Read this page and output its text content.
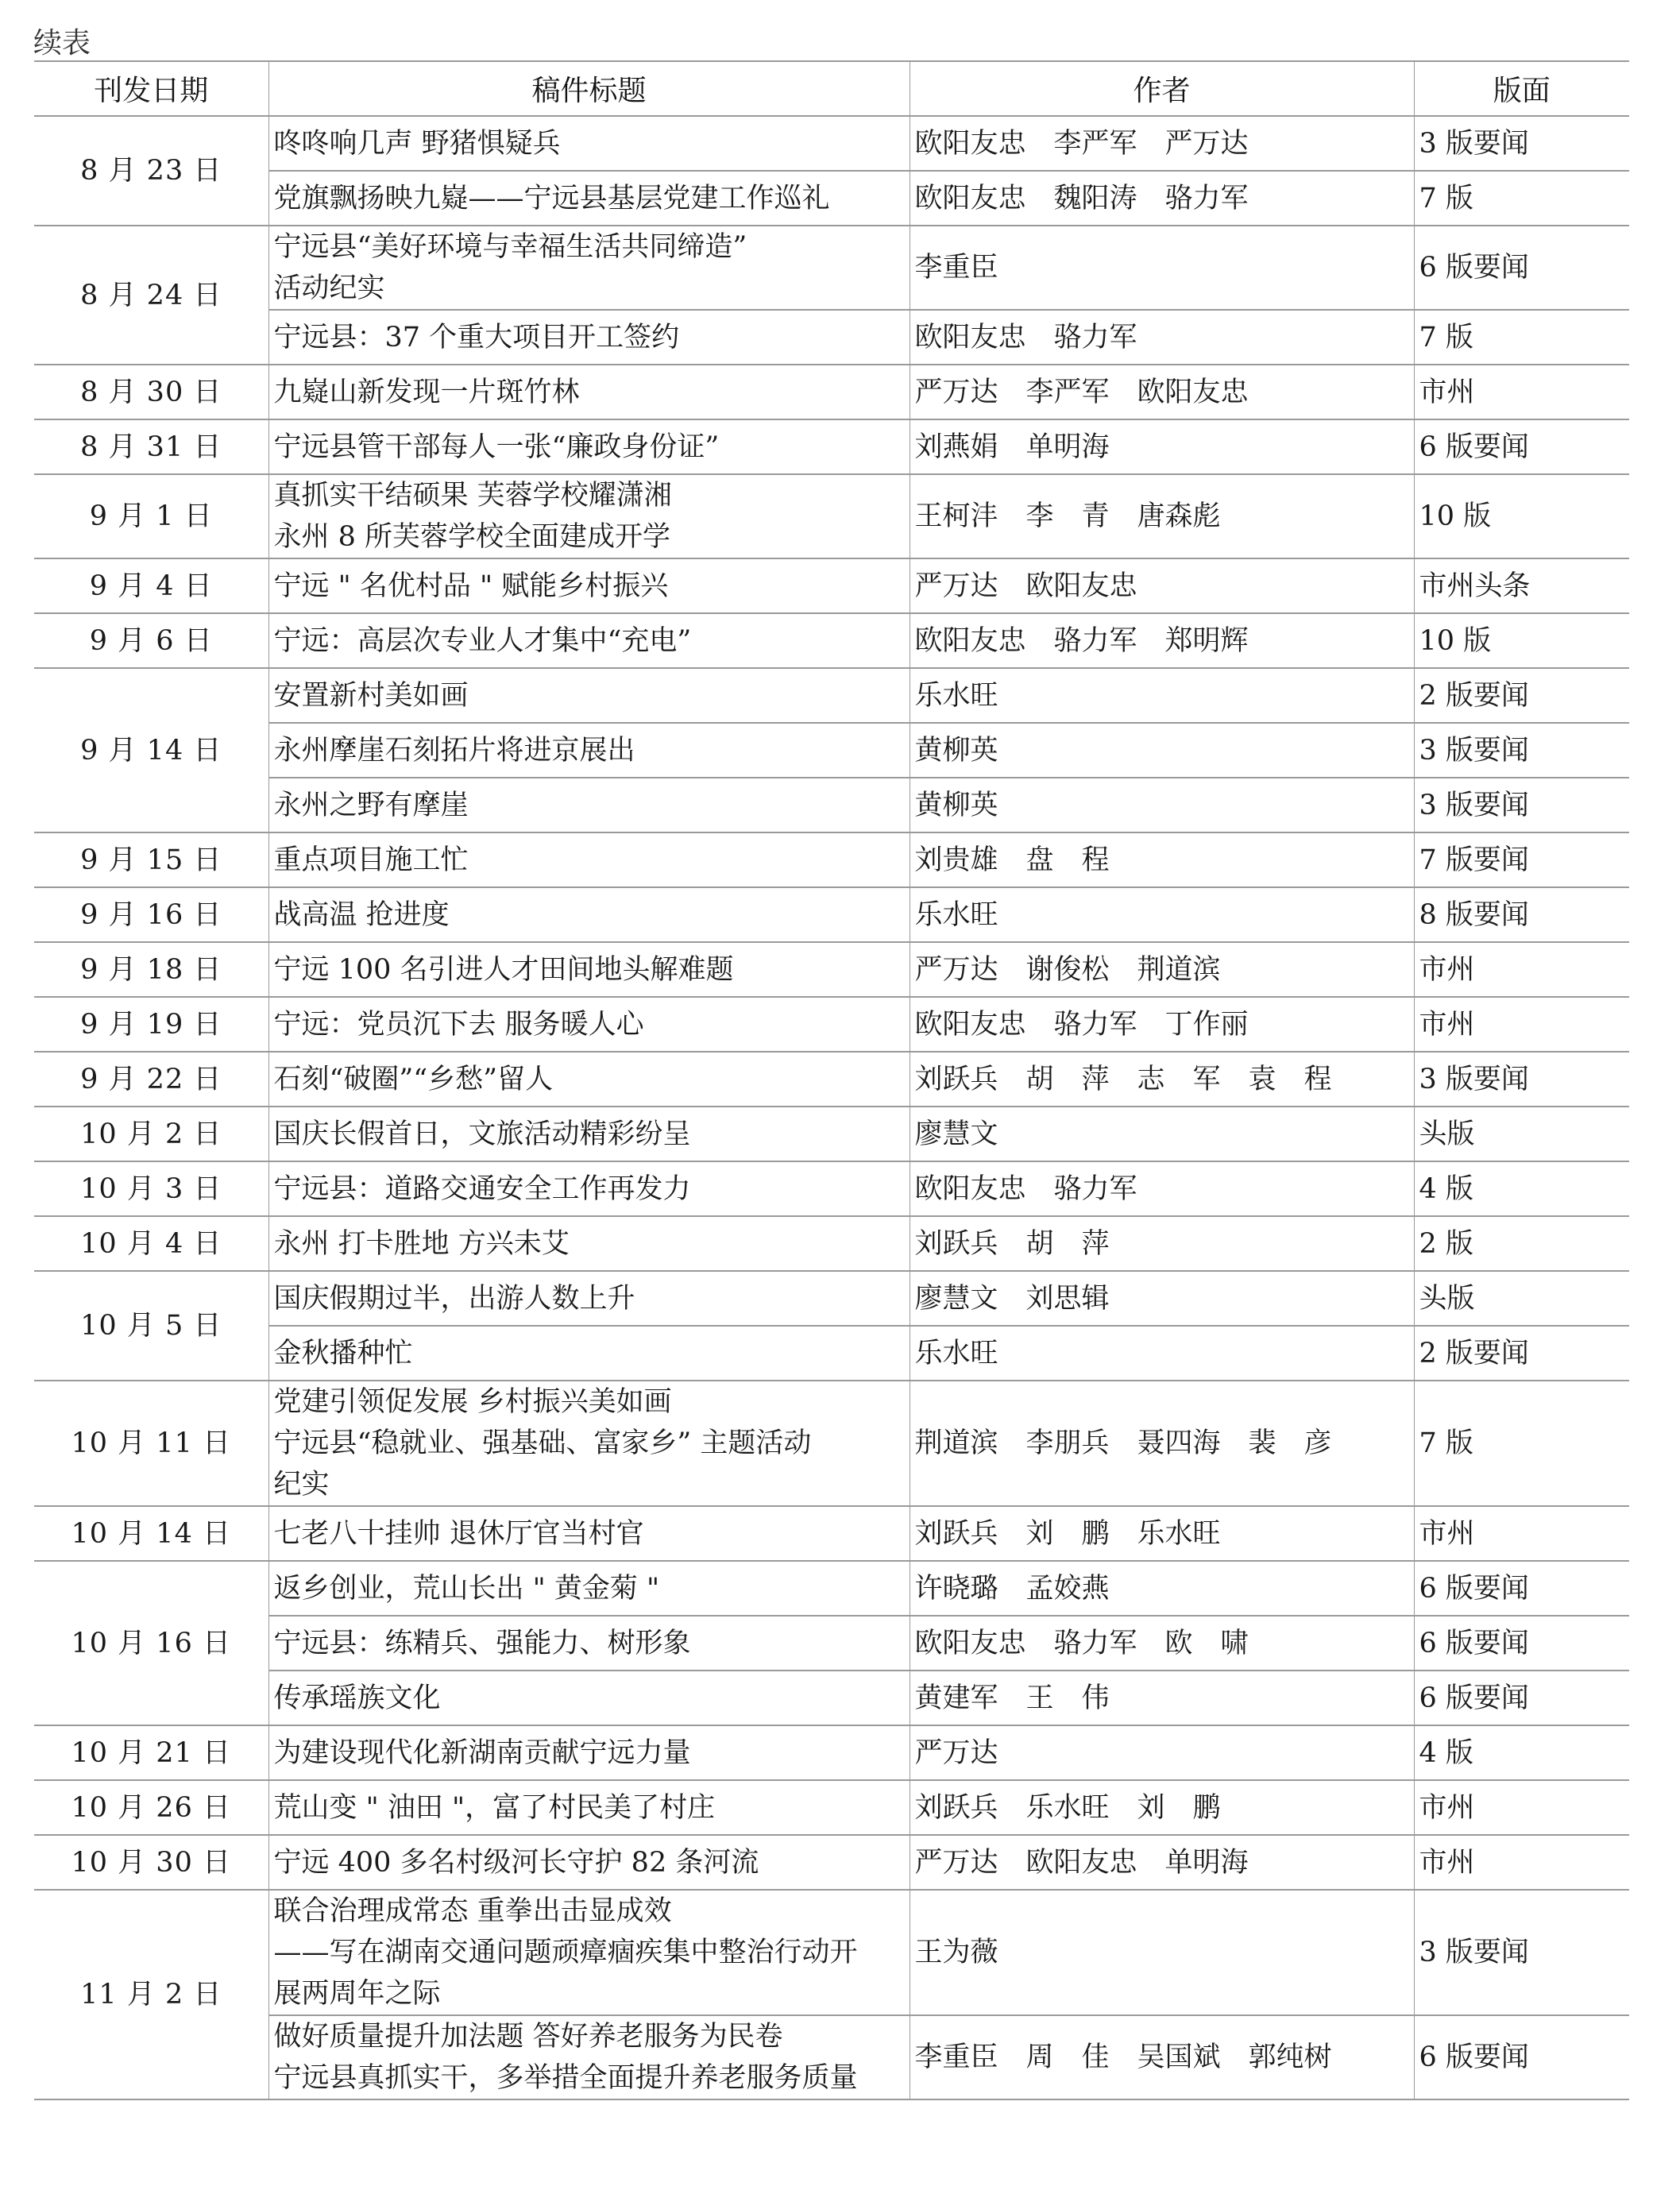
续表
刊发日期	稿件标题	作者	版面
8 月 23 日	咚咚响几声 野猪惧疑兵	欧阳友忠　李严军　严万达	3 版要闻

	党旗飘扬映九嶷——宁远县基层党建工作巡礼	欧阳友忠　魏阳涛　骆力军	7 版
8 月 24 日	宁远县“美好环境与幸福生活共同缔造”
活动纪实	李重臣	6 版要闻

	宁远县：37 个重大项目开工签约	欧阳友忠　骆力军	7 版
8 月 30 日	九嶷山新发现一片斑竹林	严万达　李严军　欧阳友忠	市州
8 月 31 日	宁远县管干部每人一张“廉政身份证”	刘燕娟　单明海	6 版要闻
9 月 1 日	真抓实干结硕果 芙蓉学校耀潇湘
永州 8 所芙蓉学校全面建成开学	王柯沣　李　青　唐森彪	10 版
9 月 4 日	宁远 " 名优村品 " 赋能乡村振兴	严万达　欧阳友忠	市州头条
9 月 6 日	宁远：高层次专业人才集中“充电”	欧阳友忠　骆力军　郑明辉	10 版
9 月 14 日	安置新村美如画	乐水旺	2 版要闻

	永州摩崖石刻拓片将进京展出	黄柳英	3 版要闻

	永州之野有摩崖	黄柳英	3 版要闻
9 月 15 日	重点项目施工忙	刘贵雄　盘　程	7 版要闻
9 月 16 日	战高温 抢进度	乐水旺	8 版要闻
9 月 18 日	宁远 100 名引进人才田间地头解难题	严万达　谢俊松　荆道滨	市州
9 月 19 日	宁远：党员沉下去 服务暖人心	欧阳友忠　骆力军　丁作丽	市州
9 月 22 日	石刻“破圈”“乡愁”留人	刘跃兵　胡　萍　志　军　袁　程	3 版要闻
10 月 2 日	国庆长假首日，文旅活动精彩纷呈	廖慧文	头版
10 月 3 日	宁远县：道路交通安全工作再发力	欧阳友忠　骆力军	4 版
10 月 4 日	永州 打卡胜地 方兴未艾	刘跃兵　胡　萍	2 版
10 月 5 日	国庆假期过半，出游人数上升	廖慧文　刘思辑	头版

	金秋播种忙	乐水旺	2 版要闻
10 月 11 日	党建引领促发展 乡村振兴美如画
宁远县“稳就业、强基础、富家乡” 主题活动
纪实	荆道滨　李朋兵　聂四海　裴　彦	7 版
10 月 14 日	七老八十挂帅 退休厅官当村官	刘跃兵　刘　鹏　乐水旺	市州
10 月 16 日	返乡创业，荒山长出 " 黄金菊 "	许晓璐　孟姣燕	6 版要闻

	宁远县：练精兵、强能力、树形象	欧阳友忠　骆力军　欧　啸	6 版要闻

	传承瑶族文化	黄建军　王　伟	6 版要闻
10 月 21 日	为建设现代化新湖南贡献宁远力量	严万达	4 版
10 月 26 日	荒山变 " 油田 "，富了村民美了村庄	刘跃兵　乐水旺　刘　鹏	市州
10 月 30 日	宁远 400 多名村级河长守护 82 条河流	严万达　欧阳友忠　单明海	市州
11 月 2 日	联合治理成常态 重拳出击显成效
——写在湖南交通问题顽瘴痼疾集中整治行动开
展两周年之际	王为薇	3 版要闻

	做好质量提升加法题 答好养老服务为民卷
宁远县真抓实干，多举措全面提升养老服务质量	李重臣　周　佳　吴国斌　郭纯树	6 版要闻
